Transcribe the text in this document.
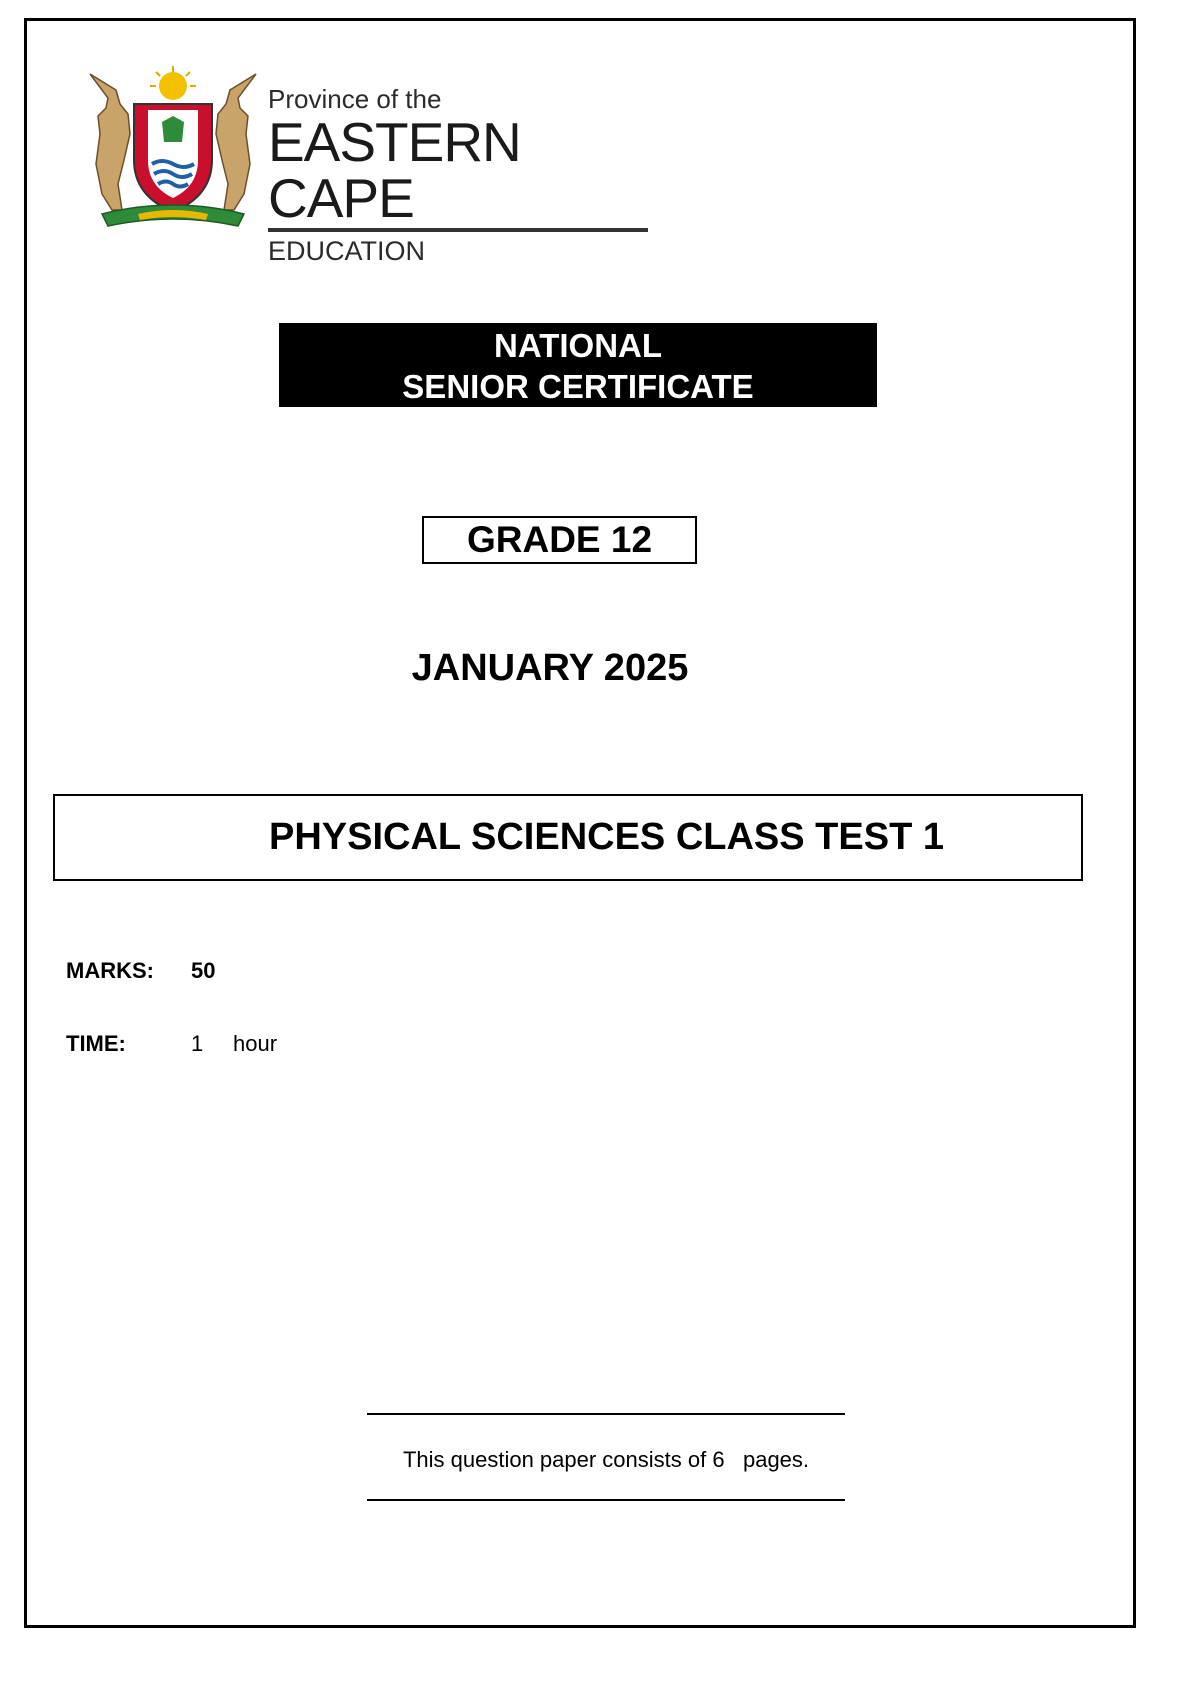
Province of the
EASTERN CAPE
EDUCATION
NATIONAL
SENIOR CERTIFICATE
GRADE 12
JANUARY 2025
PHYSICAL SCIENCES CLASS TEST 1
MARKS: 50
TIME:	1 hour
This question paper consists of 6 pages.
